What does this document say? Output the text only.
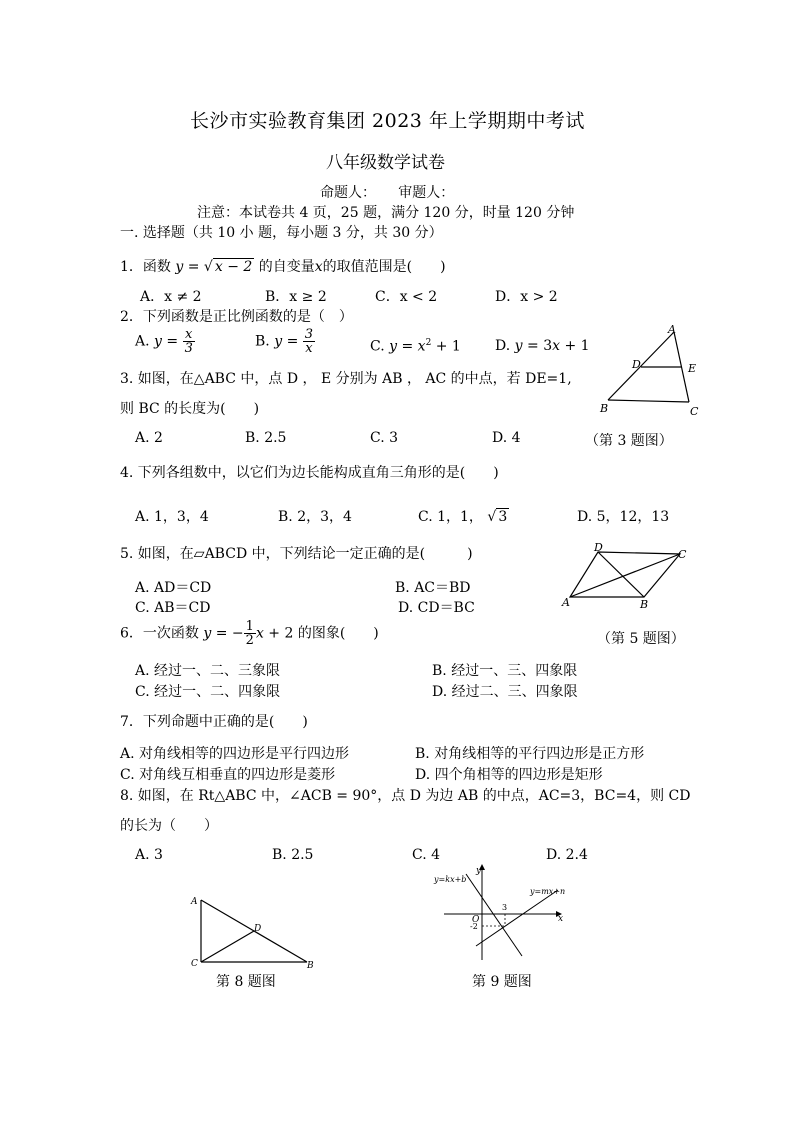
长沙市实验教育集团 2023 年上学期期中考试
八年级数学试卷
命题人：     审题人：
注意：本试卷共 4 页，25 题，满分 120 分，时量 120 分钟
一. 选择题（共 10 小 题，每小题 3 分，共 30 分）
1．函数 y = √ x − 2 的自变量x的取值范围是(　　)
A．x ≠ 2	B．x ≥ 2	C．x < 2	D．x > 2
2．下列函数是正比例函数的是（　）
A. $y = \frac{x}{3}$	B. $y = \frac{3}{x}$	C. $y = x^2 + 1$ D. y = 3x + 1
A
D	E
B	C
3. 如图，在△ABC 中，点 D ， E 分别为 AB ， AC 的中点，若 DE=1,
则 BC 的长度为(　　)
A. 2	B. 2.5	C. 3	D. 4	（第 3 题图）
4. 下列各组数中，以它们为边长能构成直角三角形的是(　　)
A. 1，3，4	B. 2，3，4	C. 1，1， √ 3	D. 5，12，13
D
C
A	B
5. 如图，在▱ABCD 中，下列结论一定正确的是(　　　)
A. AD＝CD	B. AC＝BD
C. AB＝CD	D. CD＝BC
6．一次函数 y = − $\frac{1}{2}$ x + 2 的图象(　　)	（第 5 题图）
A. 经过一、二、三象限	B. 经过一、三、四象限
C. 经过一、二、四象限	D. 经过二、三、四象限
7．下列命题中正确的是(　　)
A. 对角线相等的四边形是平行四边形	B. 对角线相等的平行四边形是正方形
C. 对角线互相垂直的四边形是菱形	D. 四个角相等的四边形是矩形
8. 如图，在 Rt△ABC 中，∠ACB = 90°，点 D 为边 AB 的中点，AC=3，BC=4，则 CD
的长为（　　）
A. 3	B. 2.5	C. 4	D. 2.4
A
D
C	B
第 8 题图
y
x
O
3
-2
y=kx+b
y=mx+n
第 9 题图
